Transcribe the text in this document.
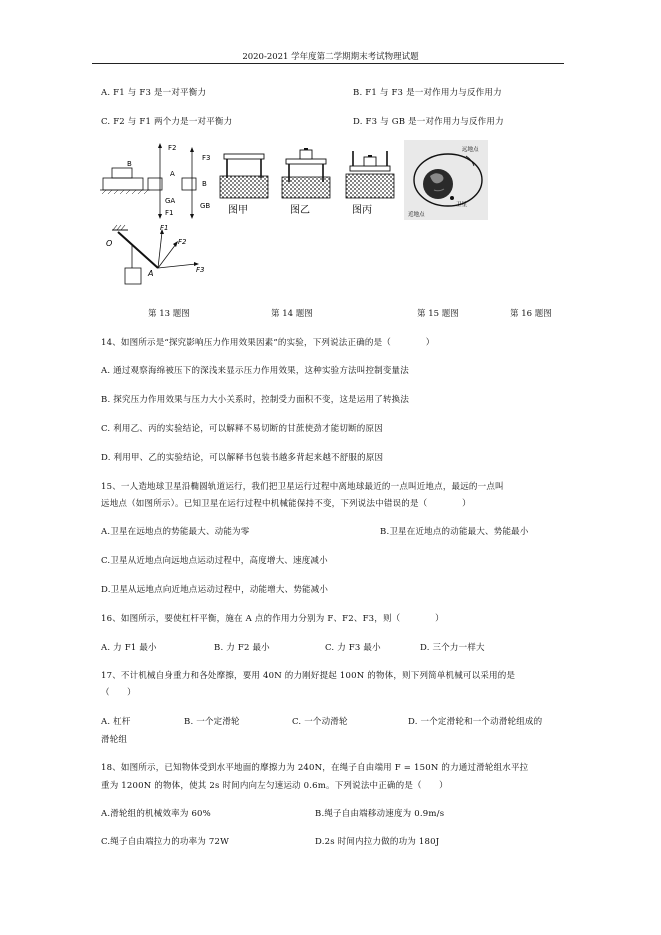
2020-2021 学年度第二学期期末考试物理试题
A. F1 与 F3 是一对平衡力	B. F1 与 F3 是一对作用力与反作用力
C. F2 与 F1 两个力是一对平衡力	D. F3 与 GB 是一对作用力与反作用力
B
F2
A
GA
F1
F3
B
GB 图甲	图乙	图丙
远地点
卫星
近地点
O
A
F1
F2
F3
第 13 题图	第 14 题图	第 15 题图	第 16 题图
14、如图所示是“探究影响压力作用效果因素”的实验，下列说法正确的是（　　　　）
A. 通过观察海绵被压下的深浅来显示压力作用效果，这种实验方法叫控制变量法
B. 探究压力作用效果与压力大小关系时，控制受力面积不变，这是运用了转换法
C. 利用乙、丙的实验结论，可以解释不易切断的甘蔗使劲才能切断的原因
D. 利用甲、乙的实验结论，可以解释书包装书越多背起来越不舒服的原因
15、一人造地球卫星沿椭圆轨道运行，我们把卫星运行过程中离地球最近的一点叫近地点，最远的一点叫
远地点（如图所示）。已知卫星在运行过程中机械能保持不变，下列说法中错误的是（　　　　）
A.卫星在远地点的势能最大、动能为零	B.卫星在近地点的动能最大、势能最小
C.卫星从近地点向远地点运动过程中，高度增大、速度减小
D.卫星从远地点向近地点运动过程中，动能增大、势能减小
16、如图所示，要使杠杆平衡，施在 A 点的作用力分别为 F、F2、F3，则（　　　　）
A. 力 F1 最小	B. 力 F2 最小	C. 力 F3 最小	D. 三个力一样大
17、不计机械自身重力和各处摩擦，要用 40N 的力刚好提起 100N 的物体，则下列简单机械可以采用的是
（　　）
A. 杠杆	B. 一个定滑轮	C. 一个动滑轮	D. 一个定滑轮和一个动滑轮组成的
滑轮组
18、如图所示，已知物体受到水平地面的摩擦力为 240N，在绳子自由端用 F = 150N 的力通过滑轮组水平拉
重为 1200N 的物体，使其 2s 时间内向左匀速运动 0.6m。下列说法中正确的是（　　）
A.滑轮组的机械效率为 60%	B.绳子自由端移动速度为 0.9m/s
C.绳子自由端拉力的功率为 72W	D.2s 时间内拉力做的功为 180J
